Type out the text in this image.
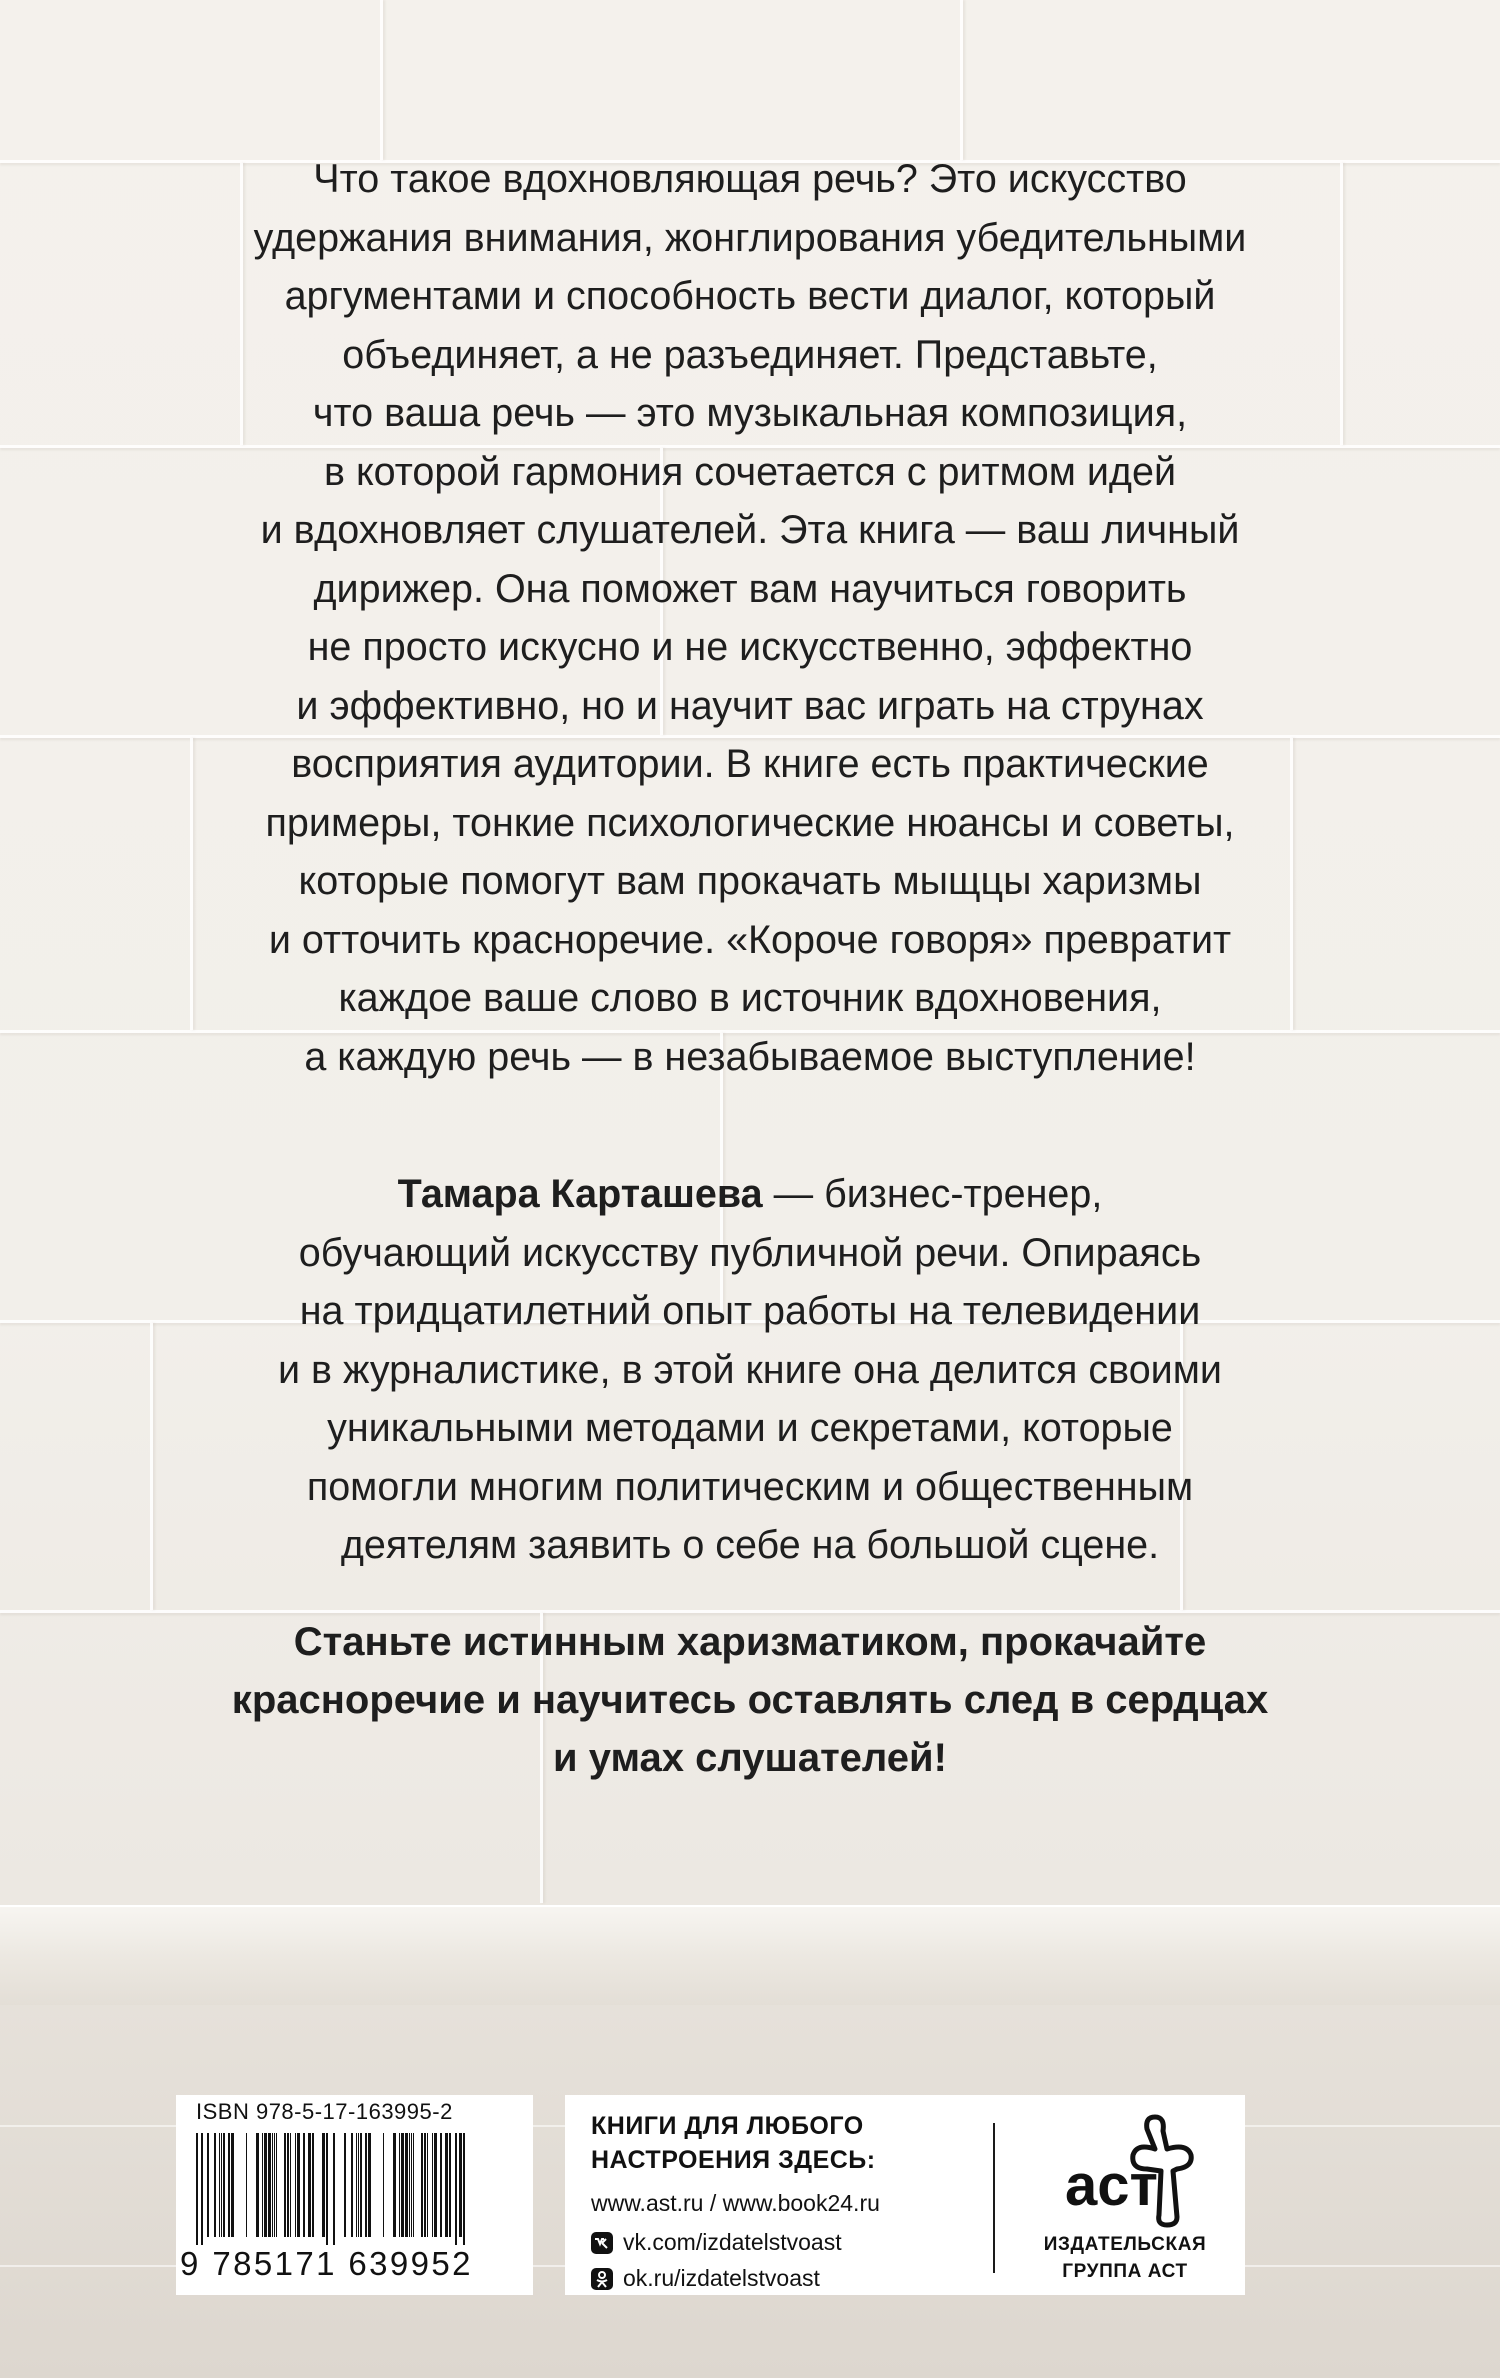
Что такое вдохновляющая речь? Это искусство
удержания внимания, жонглирования убедительными
аргументами и способность вести диалог, который
объединяет, а не разъединяет. Представьте,
что ваша речь — это музыкальная композиция,
в которой гармония сочетается с ритмом идей
и вдохновляет слушателей. Эта книга — ваш личный
дирижер. Она поможет вам научиться говорить
не просто искусно и не искусственно, эффектно
и эффективно, но и научит вас играть на струнах
восприятия аудитории. В книге есть практические
примеры, тонкие психологические нюансы и советы,
которые помогут вам прокачать мыщцы харизмы
и отточить красноречие. «Короче говоря» превратит
каждое ваше слово в источник вдохновения,
а каждую речь — в незабываемое выступление!
Тамара Карташева — бизнес-тренер,
обучающий искусству публичной речи. Опираясь
на тридцатилетний опыт работы на телевидении
и в журналистике, в этой книге она делится своими
уникальными методами и секретами, которые
помогли многим политическим и общественным
деятелям заявить о себе на большой сцене.
Станьте истинным харизматиком, прокачайте
красноречие и научитесь оставлять след в сердцах
и умах слушателей!
ISBN 978-5-17-163995-2
9 785171 639952
КНИГИ ДЛЯ ЛЮБОГО
НАСТРОЕНИЯ ЗДЕСЬ:
www.ast.ru / www.book24.ru
vk.com/izdatelstvoast
ok.ru/izdatelstvoast
аст
ИЗДАТЕЛЬСКАЯ
ГРУППА АСТ
